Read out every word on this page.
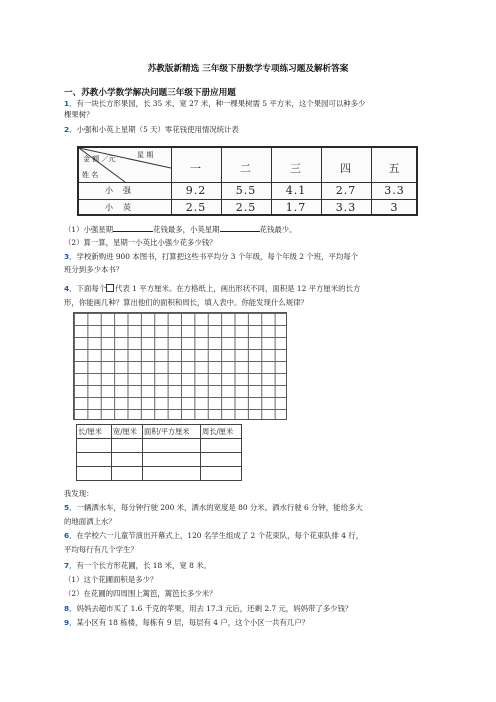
苏教版新精选 三年级下册数学专项练习题及解析答案
一、苏教小学数学解决问题三年级下册应用题
1．有一块长方形果园，长 35 米，宽 27 米，种一棵果树需 5 平方米，这个果园可以种多少
棵果树？
2．小强和小英上星期（5 天）零花钱使用情况统计表
星 期
金 额 ／元
姓 名	一	二	三	四	五
小强	9.2	5.5	4.1	2.7	3.3
小英	2.5	2.5	1.7	3.3	3
（1）小强星期	花钱最多，小英星期	花钱最少。
（2）算一算，星期一小英比小强少花多少钱？
3．学校新购进 900 本图书，打算把这些书平均分 3 个年级，每个年级 2 个班，平均每个
班分到多少本书？
4．下面每个 代表 1 平方厘米。在方格纸上，画出形状不同，面积是 12 平方厘米的长方
形，你能画几种？算出他们的面积和周长，填入表中。你能发现什么规律？
长/厘米	宽/厘米	面积/平方厘米	周长/厘米

我发现：
5．一辆洒水车，每分钟行驶 200 米，洒水的宽度是 80 分米。洒水行驶 6 分钟，能给多大
的地面洒上水？
6．在学校六一儿童节演出开幕式上，120 名学生组成了 2 个花束队，每个花束队排 4 行，
平均每行有几个学生？
7．有一个长方形花圃，长 18 米，宽 8 米。
（1）这个花圃面积是多少？
（2）在花圃的四周围上篱笆，篱笆长多少米？
8．妈妈去超市买了 1.6 千克的苹果，用去 17.3 元后，还剩 2.7 元，妈妈带了多少钱？
9．某小区有 18 栋楼，每栋有 9 层，每层有 4 户，这个小区一共有几户？
